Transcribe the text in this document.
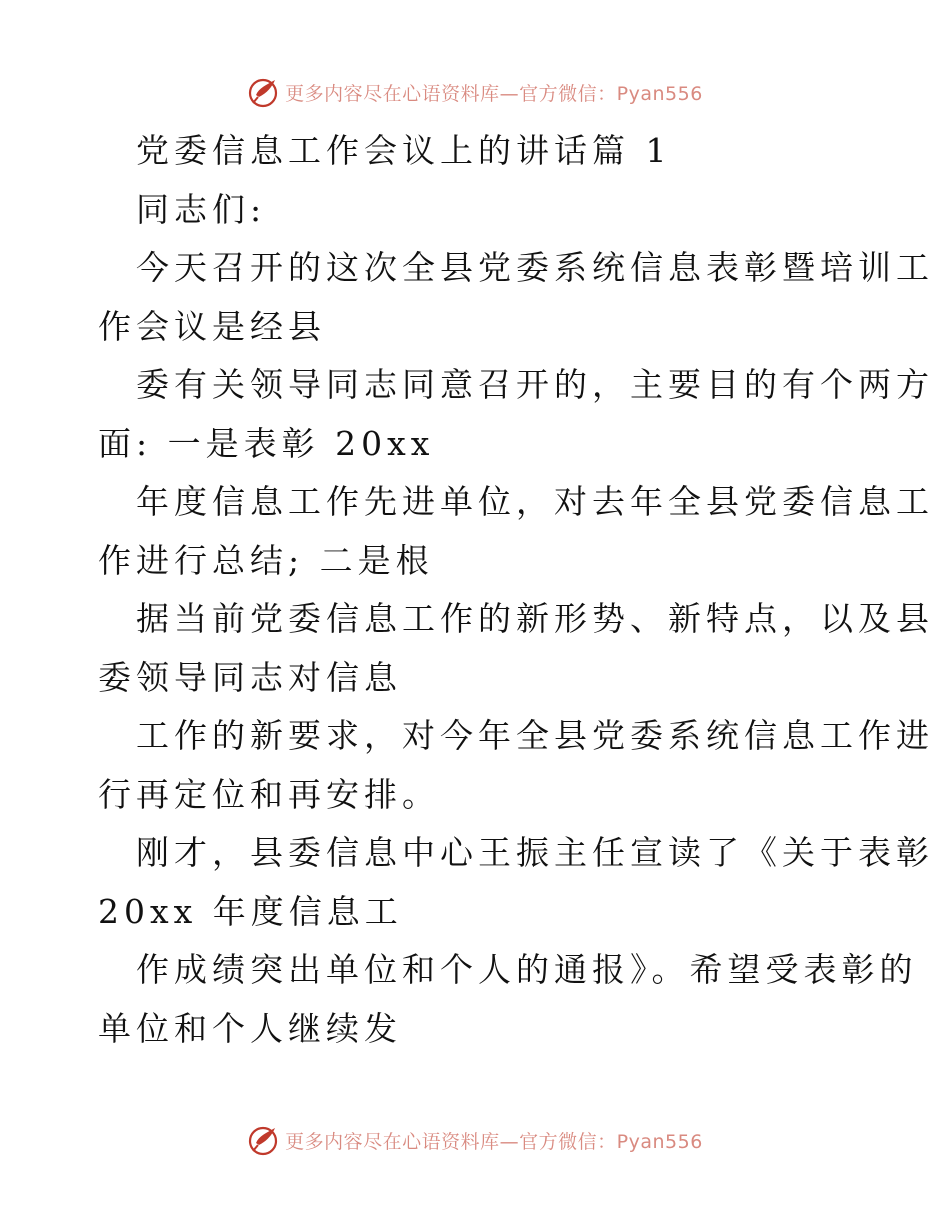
更多内容尽在心语资料库—官方微信：Pyan556

党委信息工作会议上的讲话篇 1

同志们:

今天召开的这次全县党委系统信息表彰暨培训工

作会议是经县

委有关领导同志同意召开的，主要目的有个两方

面: 一是表彰 20xx

年度信息工作先进单位，对去年全县党委信息工

作进行总结; 二是根

据当前党委信息工作的新形势、新特点，以及县

委领导同志对信息

工作的新要求，对今年全县党委系统信息工作进

行再定位和再安排。

刚才，县委信息中心王振主任宣读了《关于表彰

20xx 年度信息工

作成绩突出单位和个人的通报》。希望受表彰的

单位和个人继续发

更多内容尽在心语资料库—官方微信：Pyan556
